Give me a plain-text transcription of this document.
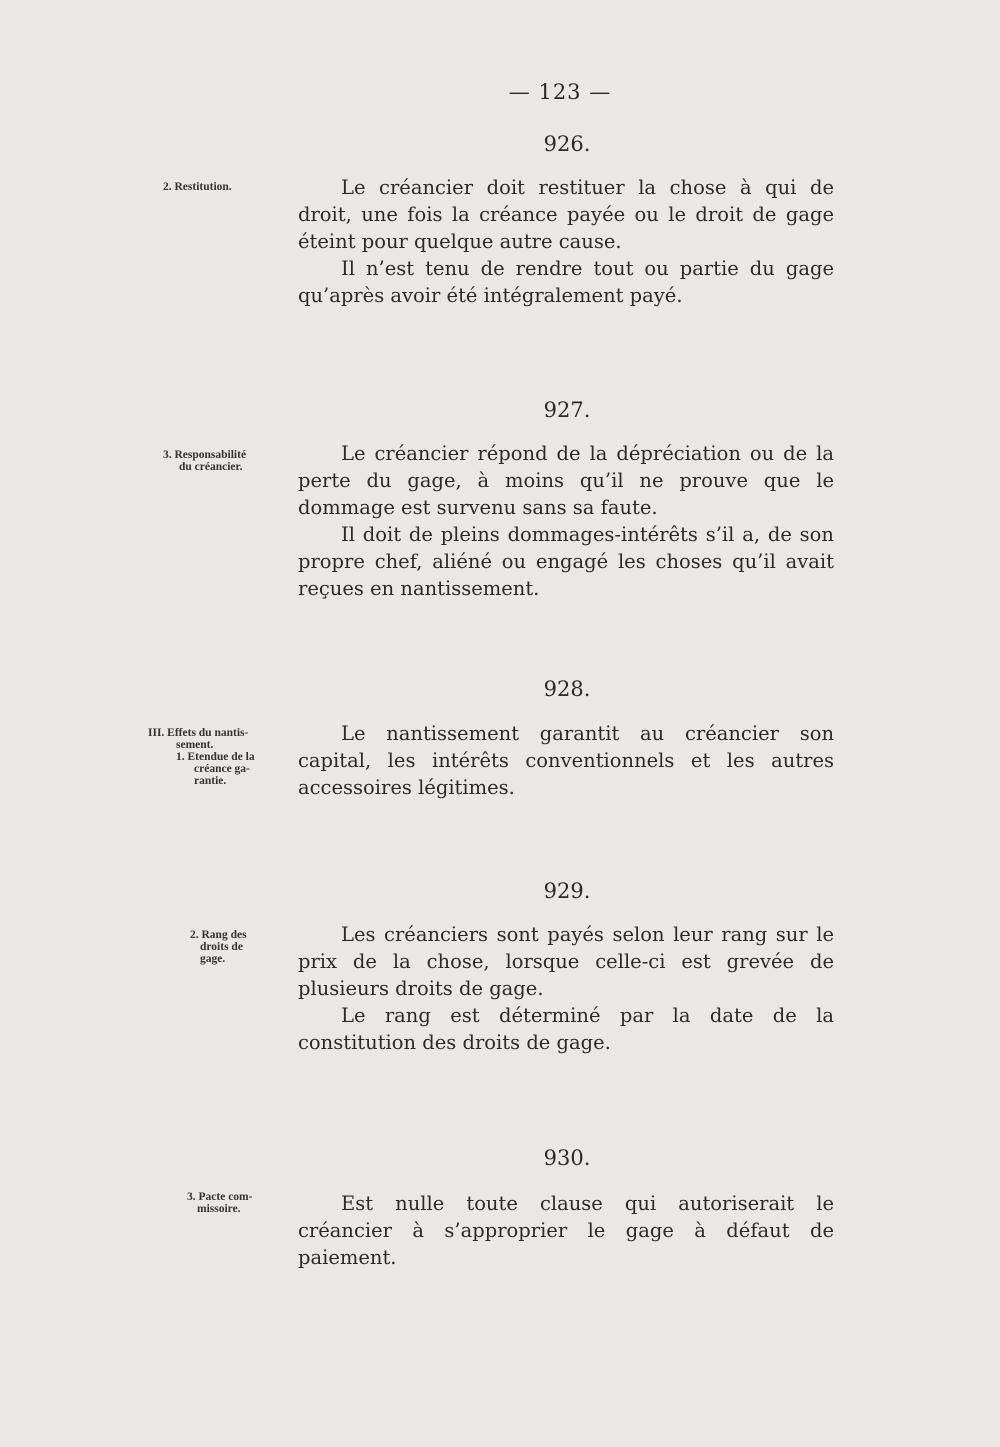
— 123 —
926.
2. Restitution.	Le créancier doit restituer la chose à qui de droit, une fois la créance payée ou le droit de gage éteint pour quelque autre cause.

Il n’est tenu de rendre tout ou partie du gage qu’après avoir été intégralement payé.

927.
3. Responsabilité
du créancier.

Le créancier répond de la dépréciation ou de la perte du gage, à moins qu’il ne prouve que le dommage est survenu sans sa faute.

Il doit de pleins dommages-intérêts s’il a, de son propre chef, aliéné ou engagé les choses qu’il avait reçues en nantissement.

928.
III. Effets du nantis-
sement.
1. Etendue de la
créance ga-
rantie.

Le nantissement garantit au créancier son capital, les intérêts conventionnels et les autres accessoires légitimes.

929.
2. Rang des
droits de
gage.

Les créanciers sont payés selon leur rang sur le prix de la chose, lorsque celle-ci est grevée de plusieurs droits de gage.

Le rang est déterminé par la date de la constitution des droits de gage.

930.
3. Pacte com-
missoire.	Est nulle toute clause qui autoriserait le créancier à s’approprier le gage à défaut de paiement.
